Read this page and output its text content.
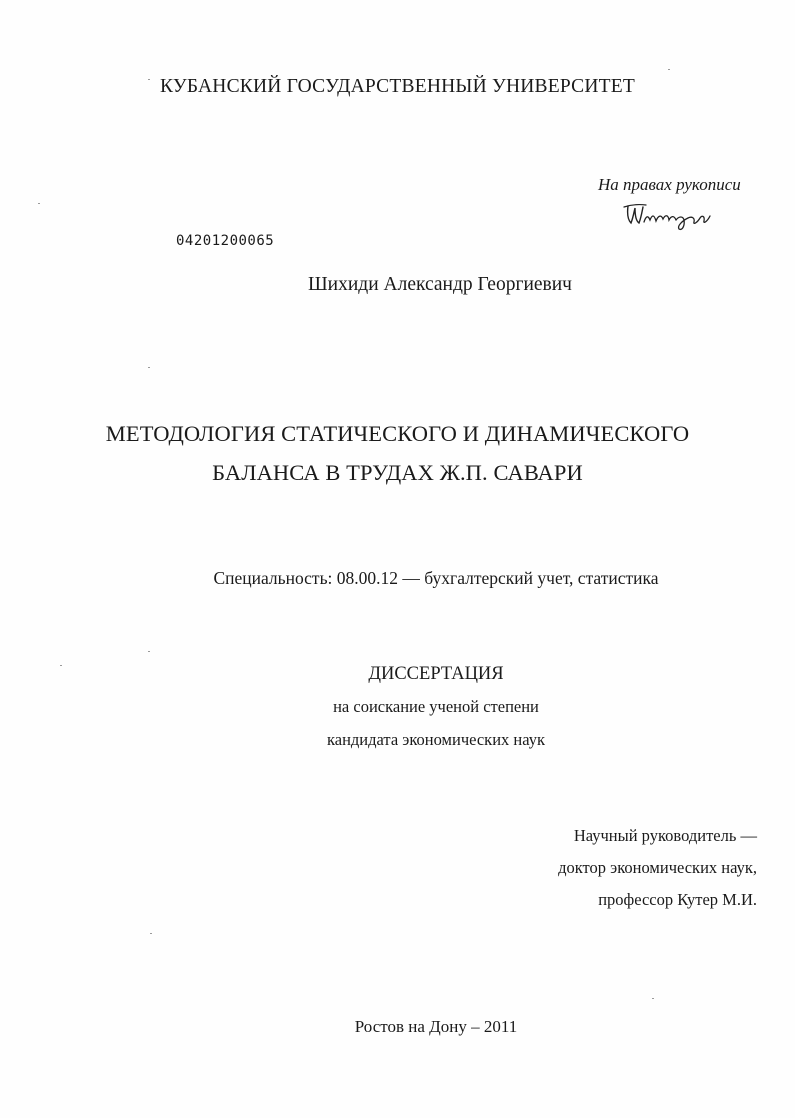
КУБАНСКИЙ ГОСУДАРСТВЕННЫЙ УНИВЕРСИТЕТ
На правах рукописи
04201200065
Шихиди Александр Георгиевич
МЕТОДОЛОГИЯ СТАТИЧЕСКОГО И ДИНАМИЧЕСКОГО
БАЛАНСА В ТРУДАХ Ж.П. САВАРИ
Специальность: 08.00.12 — бухгалтерский учет, статистика
ДИССЕРТАЦИЯ
на соискание ученой степени
кандидата экономических наук
Научный руководитель —
доктор экономических наук,
профессор Кутер М.И.
Ростов на Дону – 2011
